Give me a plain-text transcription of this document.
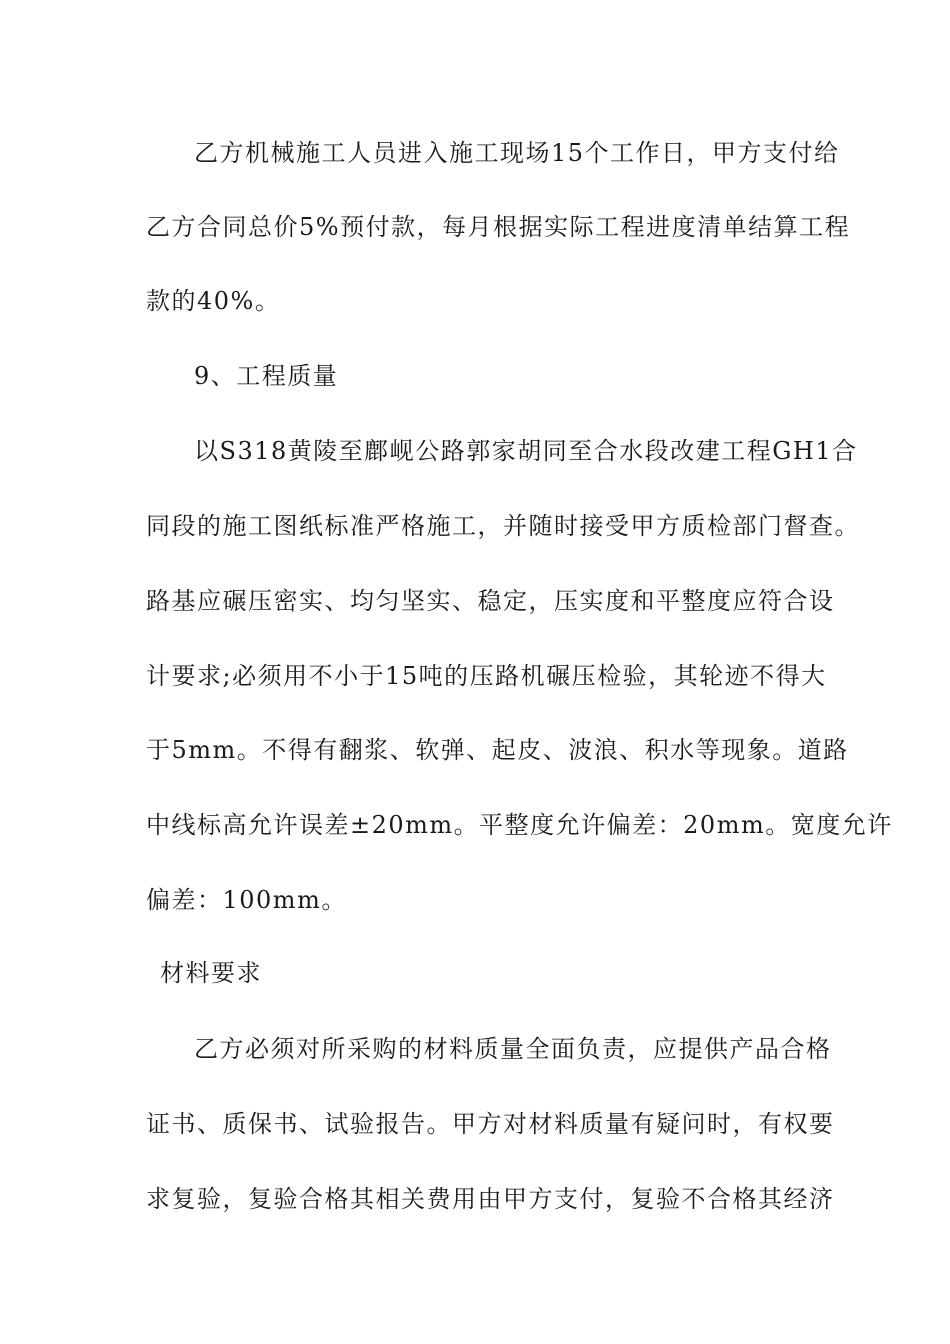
乙方机械施工人员进入施工现场15个工作日，甲方支付给
乙方合同总价5%预付款，每月根据实际工程进度清单结算工程
款的40%。
9、工程质量
以S318黄陵至鄜岘公路郭家胡同至合水段改建工程GH1合
同段的施工图纸标准严格施工，并随时接受甲方质检部门督查。
路基应碾压密实、均匀坚实、稳定，压实度和平整度应符合设
计要求;必须用不小于15吨的压路机碾压检验，其轮迹不得大
于5mm。不得有翻浆、软弹、起皮、波浪、积水等现象。道路
中线标高允许误差±20mm。平整度允许偏差：20mm。宽度允许
偏差：100mm。
材料要求
乙方必须对所采购的材料质量全面负责，应提供产品合格
证书、质保书、试验报告。甲方对材料质量有疑问时，有权要
求复验，复验合格其相关费用由甲方支付，复验不合格其经济
